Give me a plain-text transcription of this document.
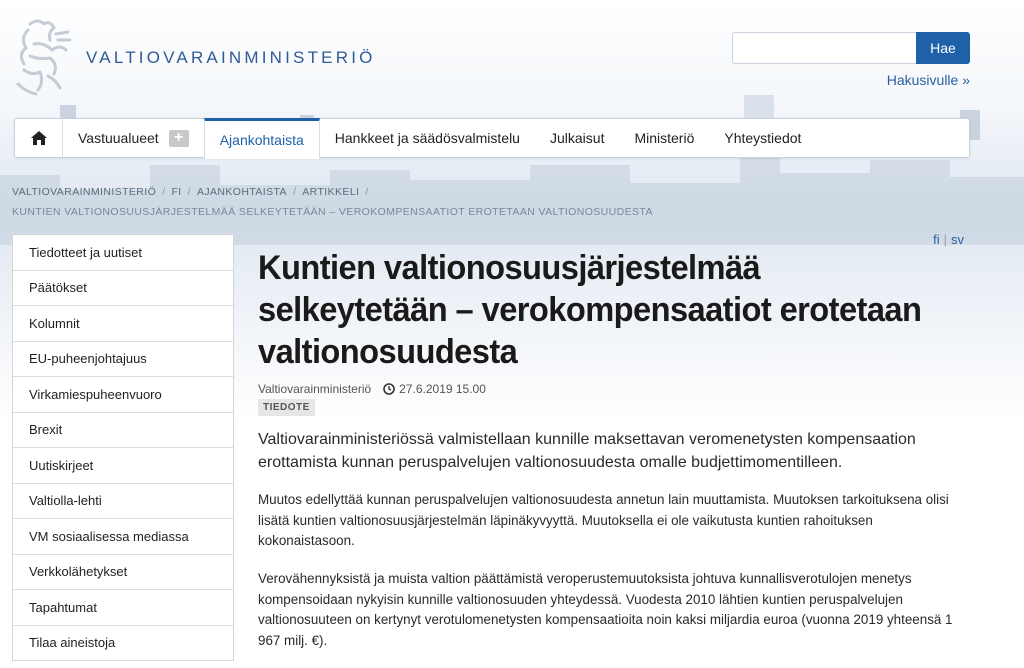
VALTIOVARAINMINISTERIÖ	Hae
Hakusivulle »
Vastuualueet +	Ajankohtaista Hankkeet ja säädösvalmistelu Julkaisut Ministeriö Yhteystiedot
VALTIOVARAINMINISTERIÖ / FI / AJANKOHTAISTA / ARTIKKELI /
KUNTIEN VALTIONOSUUSJÄRJESTELMÄÄ SELKEYTETÄÄN – VEROKOMPENSAATIOT EROTETAAN VALTIONOSUUDESTA
Tiedotteet ja uutiset
Päätökset
Kolumnit
EU-puheenjohtajuus
Virkamiespuheenvuoro
Brexit
Uutiskirjeet
Valtiolla-lehti
VM sosiaalisessa mediassa
Verkkolähetykset
Tapahtumat
Tilaa aineistoja
fi | sv
Kuntien valtionosuusjärjestelmää selkeytetään – verokompensaatiot erotetaan valtionosuudesta
Valtiovarainministeriö 27.6.2019 15.00
TIEDOTE

Valtiovarainministeriössä valmistellaan kunnille maksettavan veromenetysten kompensaation erottamista kunnan peruspalvelujen valtionosuudesta omalle budjettimomentilleen.

Muutos edellyttää kunnan peruspalvelujen valtionosuudesta annetun lain muuttamista. Muutoksen tarkoituksena olisi lisätä kuntien valtionosuusjärjestelmän läpinäkyvyyttä. Muutoksella ei ole vaikutusta kuntien rahoituksen kokonaistasoon.

Verovähennyksistä ja muista valtion päättämistä veroperustemuutoksista johtuva kunnallisverotulojen menetys kompensoidaan nykyisin kunnille valtionosuuden yhteydessä. Vuodesta 2010 lähtien kuntien peruspalvelujen valtionosuuteen on kertynyt verotulomenetysten kompensaatioita noin kaksi miljardia euroa (vuonna 2019 yhteensä 1 967 milj. €).
